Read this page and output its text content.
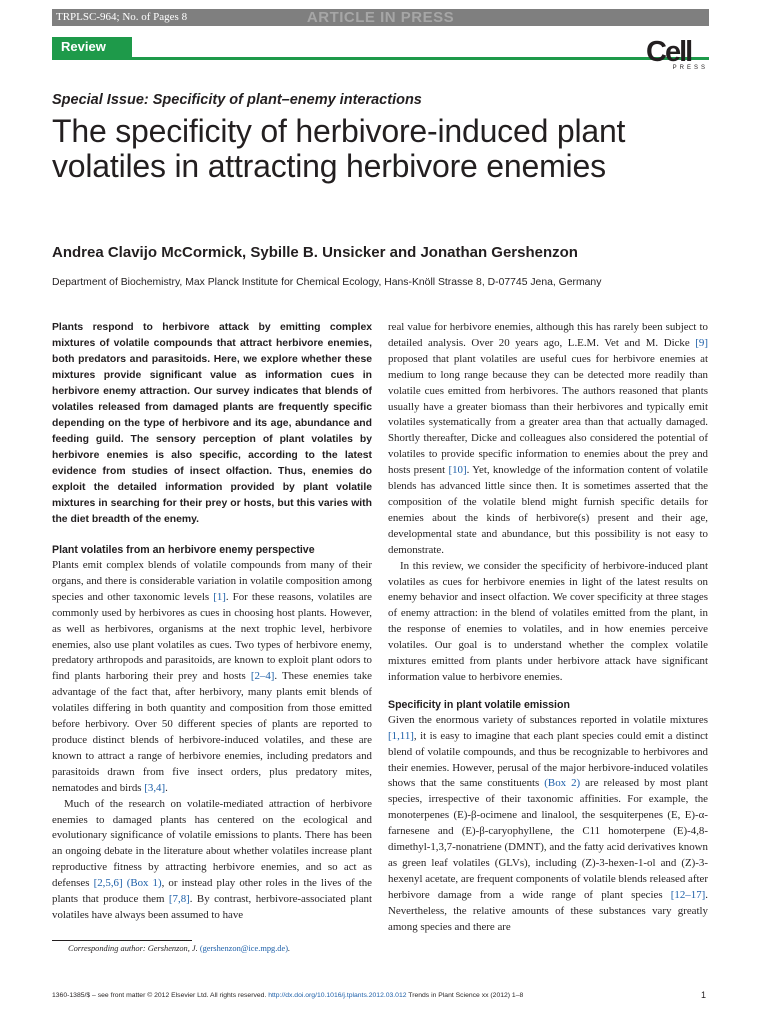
TRPLSC-964; No. of Pages 8	ARTICLE IN PRESS
Review	Cell
PRESS
Special Issue: Specificity of plant–enemy interactions
The specificity of herbivore-induced plant volatiles in attracting herbivore enemies
Andrea Clavijo McCormick, Sybille B. Unsicker and Jonathan Gershenzon
Department of Biochemistry, Max Planck Institute for Chemical Ecology, Hans-Knöll Strasse 8, D-07745 Jena, Germany

Plants respond to herbivore attack by emitting complex mixtures of volatile compounds that attract herbivore enemies, both predators and parasitoids. Here, we explore whether these mixtures provide significant value as information cues in herbivore enemy attraction. Our survey indicates that blends of volatiles released from damaged plants are frequently specific depending on the type of herbivore and its age, abundance and feeding guild. The sensory perception of plant volatiles by herbivore enemies is also specific, according to the latest evidence from studies of insect olfaction. Thus, enemies do exploit the detailed information provided by plant volatile mixtures in searching for their prey or hosts, but this varies with the diet breadth of the enemy.

Plant volatiles from an herbivore enemy perspective

Plants emit complex blends of volatile compounds from many of their organs, and there is considerable variation in volatile composition among species and other taxonomic levels [1]. For these reasons, volatiles are commonly used by herbivores as cues in choosing host plants. However, as well as herbivores, organisms at the next trophic level, herbivore enemies, also use plant volatiles as cues. Two types of herbivore enemy, predatory arthropods and parasitoids, are known to exploit plant odors to find plants harboring their prey and hosts [2–4]. These enemies take advantage of the fact that, after herbivory, many plants emit blends of volatiles differing in both quantity and composition from those emitted before herbivory. Over 50 different species of plants are reported to produce distinct blends of herbivore-induced volatiles, and these are known to attract a range of herbivore enemies, including predators and parasitoids drawn from five insect orders, plus predatory mites, nematodes and birds [3,4].

Much of the research on volatile-mediated attraction of herbivore enemies to damaged plants has centered on the ecological and evolutionary significance of volatile emissions to plants. There has been an ongoing debate in the literature about whether volatiles increase plant reproductive fitness by attracting herbivore enemies, and so act as defenses [2,5,6] (Box 1), or instead play other roles in the lives of the plants that produce them [7,8]. By contrast, herbivore-associated plant volatiles have always been assumed to have

real value for herbivore enemies, although this has rarely been subject to detailed analysis. Over 20 years ago, L.E.M. Vet and M. Dicke [9] proposed that plant volatiles are useful cues for herbivore enemies at medium to long range because they can be detected more readily than volatile cues emitted from herbivores. The authors reasoned that plants usually have a greater biomass than their herbivores and typically emit volatiles systematically from a greater area than that actually damaged. Shortly thereafter, Dicke and colleagues also considered the potential of volatiles to provide specific information to enemies about the prey and hosts present [10]. Yet, knowledge of the information content of volatile blends has advanced little since then. It is sometimes asserted that the composition of the volatile blend might furnish specific details for enemies about the kinds of herbivore(s) present and their age, developmental state and abundance, but this possibility is not easy to demonstrate.

In this review, we consider the specificity of herbivore-induced plant volatiles as cues for herbivore enemies in light of the latest results on enemy behavior and insect olfaction. We cover specificity at three stages of enemy attraction: in the blend of volatiles emitted from the plant, in the response of enemies to volatiles, and in how enemies perceive volatiles. Our goal is to understand whether the complex volatile mixtures emitted from plants under herbivore attack have significant information value to herbivore enemies.

Specificity in plant volatile emission

Given the enormous variety of substances reported in volatile mixtures [1,11], it is easy to imagine that each plant species could emit a distinct blend of volatile compounds, and thus be recognizable to herbivores and their enemies. However, perusal of the major herbivore-induced volatiles shows that the same constituents (Box 2) are released by most plant species, irrespective of their taxonomic affinities. For example, the monoterpenes (E)-β-ocimene and linalool, the sesquiterpenes (E, E)-α-farnesene and (E)-β-caryophyllene, the C11 homoterpene (E)-4,8-dimethyl-1,3,7-nonatriene (DMNT), and the fatty acid derivatives known as green leaf volatiles (GLVs), including (Z)-3-hexen-1-ol and (Z)-3-hexenyl acetate, are frequent components of volatile blends released after herbivore damage from a wide range of plant species [12–17]. Nevertheless, the relative amounts of these substances vary greatly among species and there are

Corresponding author: Gershenzon, J. (gershenzon@ice.mpg.de).
1360-1385/$ – see front matter © 2012 Elsevier Ltd. All rights reserved. http://dx.doi.org/10.1016/j.tplants.2012.03.012 Trends in Plant Science xx (2012) 1–8	1
